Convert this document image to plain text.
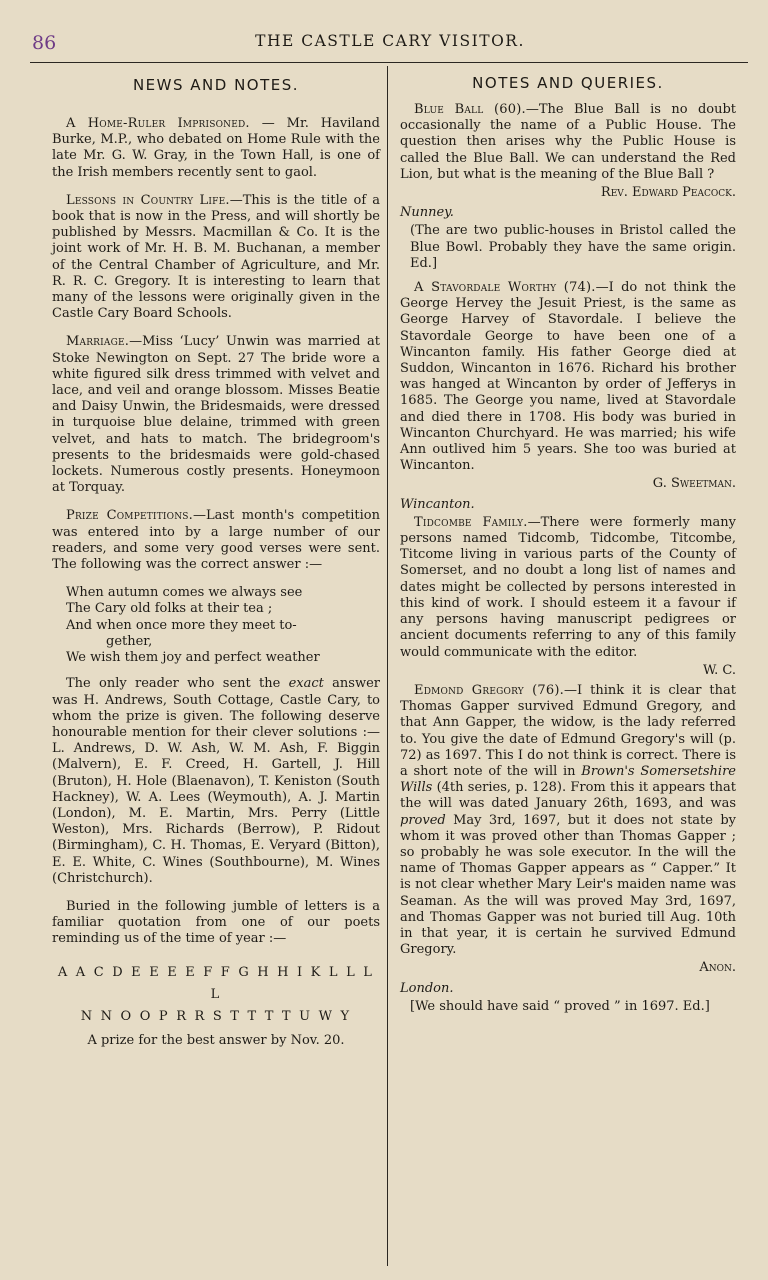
86	THE CASTLE CARY VISITOR.
NEWS AND NOTES.

A Home-Ruler Imprisoned. — Mr. Haviland Burke, M.P., who debated on Home Rule with the late Mr. G. W. Gray, in the Town Hall, is one of the Irish members recently sent to gaol.

Lessons in Country Life.—This is the title of a book that is now in the Press, and will shortly be published by Messrs. Macmillan & Co. It is the joint work of Mr. H. B. M. Buchanan, a member of the Central Chamber of Agriculture, and Mr. R. R. C. Gregory. It is interesting to learn that many of the lessons were originally given in the Castle Cary Board Schools.

Marriage.—Miss ‘Lucy’ Unwin was married at Stoke Newington on Sept. 27 The bride wore a white figured silk dress trimmed with velvet and lace, and veil and orange blossom. Misses Beatie and Daisy Unwin, the Bridesmaids, were dressed in turquoise blue delaine, trimmed with green velvet, and hats to match. The bridegroom's presents to the bridesmaids were gold-chased lockets. Numerous costly presents. Honeymoon at Torquay.

Prize Competitions.—Last month's competition was entered into by a large number of our readers, and some very good verses were sent. The following was the correct answer :—

When autumn comes we always see
The Cary old folks at their tea ;
And when once more they meet to-
gether,
We wish them joy and perfect weather

The only reader who sent the exact answer was H. Andrews, South Cottage, Castle Cary, to whom the prize is given. The following deserve honourable mention for their clever solutions :—L. Andrews, D. W. Ash, W. M. Ash, F. Biggin (Malvern), E. F. Creed, H. Gartell, J. Hill (Bruton), H. Hole (Blaenavon), T. Keniston (South Hackney), W. A. Lees (Weymouth), A. J. Martin (London), M. E. Martin, Mrs. Perry (Little Weston), Mrs. Richards (Berrow), P. Ridout (Birmingham), C. H. Thomas, E. Veryard (Bitton), E. E. White, C. Wines (Southbourne), M. Wines (Christchurch).

Buried in the following jumble of letters is a familiar quotation from one of our poets reminding us of the time of year :—

A A C D E E E E F F G H H I K L L L L
N N O O P R R S T T T T U W Y
A prize for the best answer by Nov. 20.
NOTES AND QUERIES.

Blue Ball (60).—The Blue Ball is no doubt occasionally the name of a Public House. The question then arises why the Public House is called the Blue Ball. We can understand the Red Lion, but what is the meaning of the Blue Ball ?

Rev. Edward Peacock.
Nunney.

(The are two public-houses in Bristol called the Blue Bowl. Probably they have the same origin. Ed.]

A Stavordale Worthy (74).—I do not think the George Hervey the Jesuit Priest, is the same as George Harvey of Stavordale. I believe the Stavordale George to have been one of a Wincanton family. His father George died at Suddon, Wincanton in 1676. Richard his brother was hanged at Wincanton by order of Jefferys in 1685. The George you name, lived at Stavordale and died there in 1708. His body was buried in Wincanton Churchyard. He was married; his wife Ann outlived him 5 years. She too was buried at Wincanton.

G. Sweetman.
Wincanton.

Tidcombe Family.—There were formerly many persons named Tidcomb, Tidcombe, Titcombe, Titcome living in various parts of the County of Somerset, and no doubt a long list of names and dates might be collected by persons interested in this kind of work. I should esteem it a favour if any persons having manuscript pedigrees or ancient documents referring to any of this family would communicate with the editor.

W. C.

Edmond Gregory (76).—I think it is clear that Thomas Gapper survived Edmund Gregory, and that Ann Gapper, the widow, is the lady referred to. You give the date of Edmund Gregory's will (p. 72) as 1697. This I do not think is correct. There is a short note of the will in Brown's Somersetshire Wills (4th series, p. 128). From this it appears that the will was dated January 26th, 1693, and was proved May 3rd, 1697, but it does not state by whom it was proved other than Thomas Gapper ; so probably he was sole executor. In the will the name of Thomas Gapper appears as “ Capper.” It is not clear whether Mary Leir's maiden name was Seaman. As the will was proved May 3rd, 1697, and Thomas Gapper was not buried till Aug. 10th in that year, it is certain he survived Edmund Gregory.

Anon.
London.

[We should have said “ proved ” in 1697. Ed.]
